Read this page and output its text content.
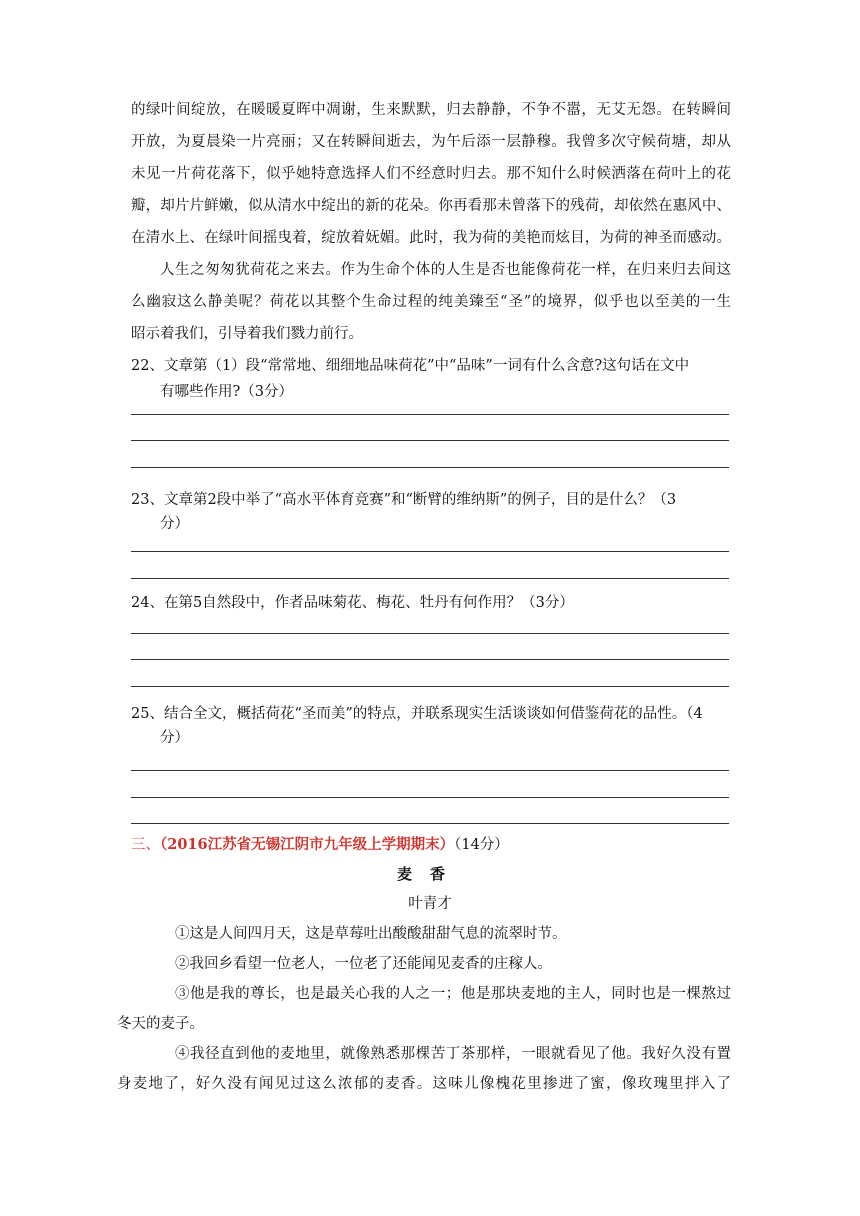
的绿叶间绽放，在暖暖夏晖中凋谢，生来默默，归去静静，不争不嚣，无艾无怨。在转瞬间
开放，为夏晨染一片亮丽；又在转瞬间逝去，为午后添一层静穆。我曾多次守候荷塘，却从
未见一片荷花落下，似乎她特意选择人们不经意时归去。那不知什么时候洒落在荷叶上的花
瓣，却片片鲜嫩，似从清水中绽出的新的花朵。你再看那未曾落下的残荷，却依然在惠风中、
在清水上、在绿叶间摇曳着，绽放着妩媚。此时，我为荷的美艳而炫目，为荷的神圣而感动。
人生之匆匆犹荷花之来去。作为生命个体的人生是否也能像荷花一样，在归来归去间这
么幽寂这么静美呢？荷花以其整个生命过程的纯美臻至“圣”的境界，似乎也以至美的一生
昭示着我们，引导着我们戮力前行。
22、文章第（1）段“常常地、细细地品味荷花”中“品味”一词有什么含意?这句话在文中
有哪些作用?（3分）
23、文章第2段中举了“高水平体育竞赛”和“断臂的维纳斯”的例子，目的是什么？（3
分）
24、在第5自然段中，作者品味菊花、梅花、牡丹有何作用？（3分）
25、结合全文，概括荷花“圣而美”的特点，并联系现实生活谈谈如何借鉴荷花的品性。（4
分）
三、（2016江苏省无锡江阴市九年级上学期期末）（14分）
麦香
叶青才
①这是人间四月天，这是草莓吐出酸酸甜甜气息的流翠时节。
②我回乡看望一位老人，一位老了还能闻见麦香的庄稼人。
③他是我的尊长，也是最关心我的人之一；他是那块麦地的主人，同时也是一棵熬过
冬天的麦子。
④我径直到他的麦地里，就像熟悉那棵苦丁茶那样，一眼就看见了他。我好久没有置
身麦地了，好久没有闻见过这么浓郁的麦香。这味儿像槐花里掺进了蜜，像玫瑰里拌入了
